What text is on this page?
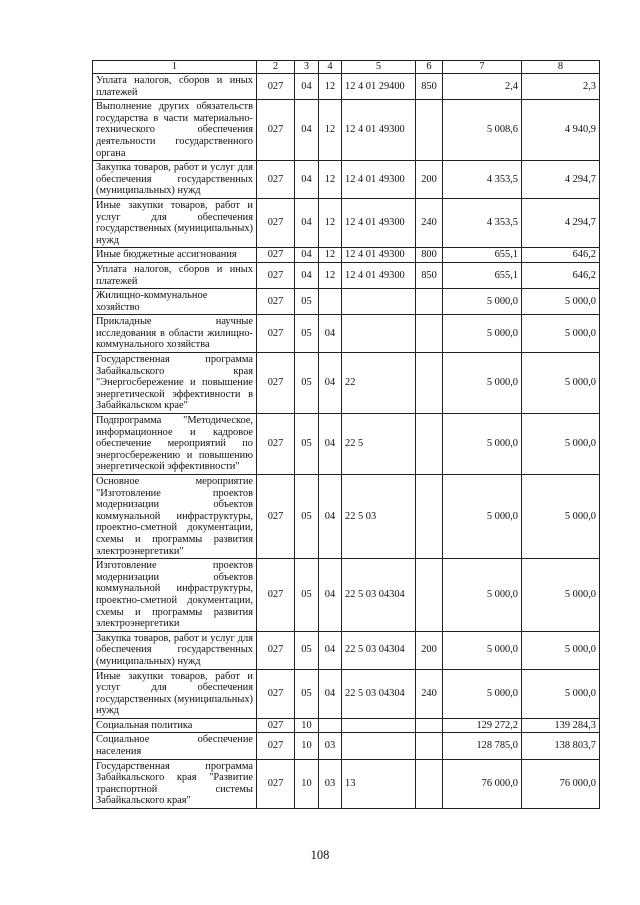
1	2	3	4	5	6	7	8
Уплата налогов, сборов и иных платежей	027	04	12	12 4 01 29400	850	2,4	2,3
Выполнение других обязательств государства в части материально-технического обеспечения деятельности государственного органа	027	04	12	12 4 01 49300		5 008,6	4 940,9
Закупка товаров, работ и услуг для обеспечения государственных (муниципальных) нужд	027	04	12	12 4 01 49300	200	4 353,5	4 294,7
Иные закупки товаров, работ и услуг для обеспечения государственных (муниципальных) нужд	027	04	12	12 4 01 49300	240	4 353,5	4 294,7
Иные бюджетные ассигнования	027	04	12	12 4 01 49300	800	655,1	646,2
Уплата налогов, сборов и иных платежей	027	04	12	12 4 01 49300	850	655,1	646,2
Жилищно-коммунальное хозяйство	027	05				5 000,0	5 000,0
Прикладные научные исследования в области жилищно-коммунального хозяйства	027	05	04			5 000,0	5 000,0
Государственная программа Забайкальского края "Энергосбережение и повышение энергетической эффективности в Забайкальском крае"	027	05	04	22		5 000,0	5 000,0
Подпрограмма "Методическое, информационное и кадровое обеспечение мероприятий по энергосбережению и повышению энергетической эффективности"	027	05	04	22 5		5 000,0	5 000,0
Основное мероприятие "Изготовление проектов модернизации объектов коммунальной инфраструктуры, проектно-сметной документации, схемы и программы развития электроэнергетики"	027	05	04	22 5 03		5 000,0	5 000,0
Изготовление проектов модернизации объектов коммунальной инфраструктуры, проектно-сметной документации, схемы и программы развития электроэнергетики	027	05	04	22 5 03 04304		5 000,0	5 000,0
Закупка товаров, работ и услуг для обеспечения государственных (муниципальных) нужд	027	05	04	22 5 03 04304	200	5 000,0	5 000,0
Иные закупки товаров, работ и услуг для обеспечения государственных (муниципальных) нужд	027	05	04	22 5 03 04304	240	5 000,0	5 000,0
Социальная политика	027	10				129 272,2	139 284,3
Социальное обеспечение населения	027	10	03			128 785,0	138 803,7
Государственная программа Забайкальского края "Развитие транспортной системы Забайкальского края"	027	10	03	13		76 000,0	76 000,0
108
